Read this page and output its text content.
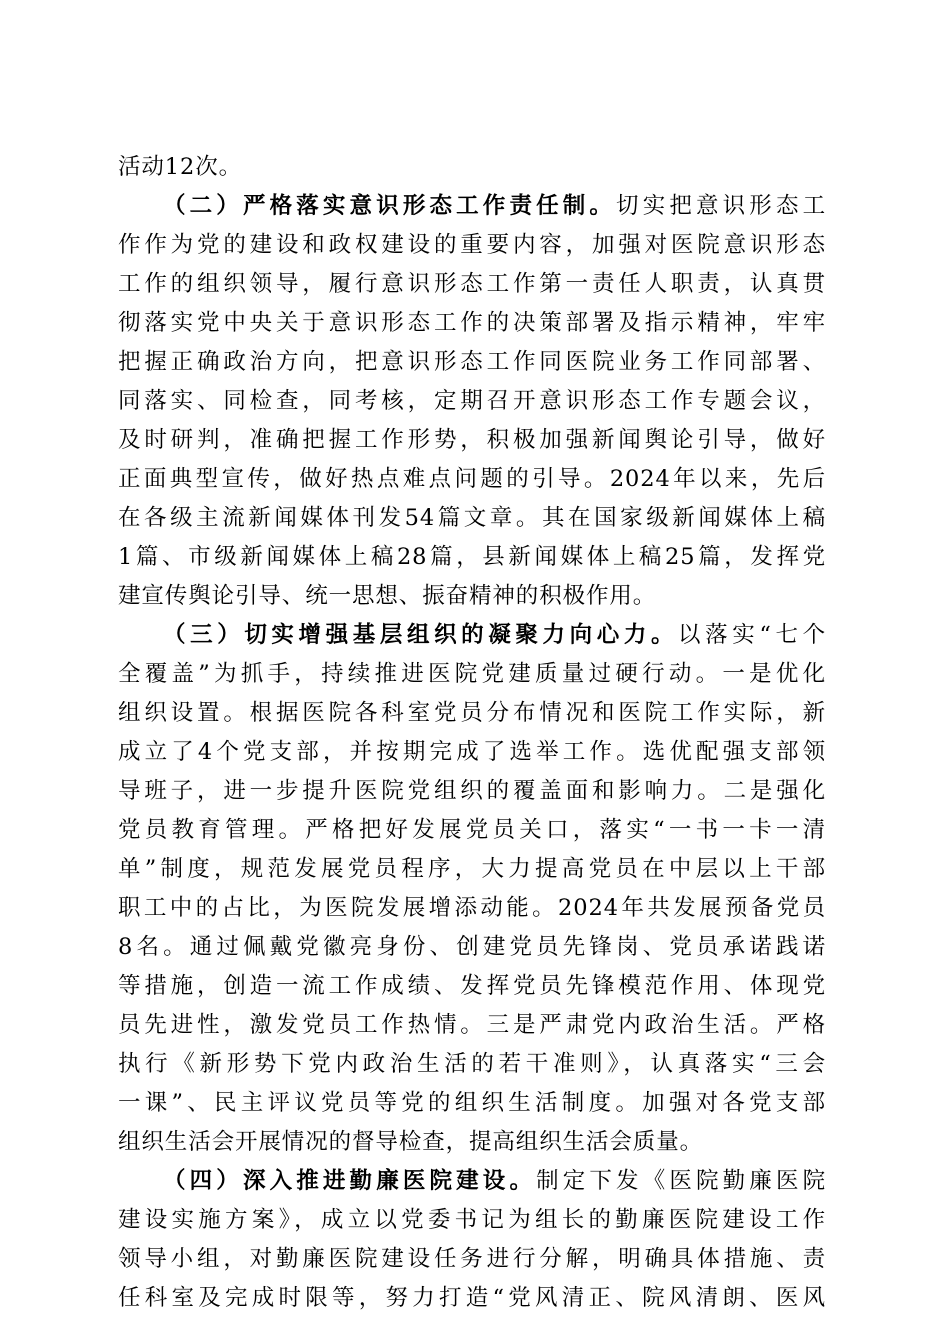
活动12次。

（二）严格落实意识形态工作责任制。切实把意识形态工
作作为党的建设和政权建设的重要内容，加强对医院意识形态
工作的组织领导，履行意识形态工作第一责任人职责，认真贯
彻落实党中央关于意识形态工作的决策部署及指示精神，牢牢
把握正确政治方向，把意识形态工作同医院业务工作同部署、
同落实、同检查，同考核，定期召开意识形态工作专题会议，
及时研判，准确把握工作形势，积极加强新闻舆论引导，做好
正面典型宣传，做好热点难点问题的引导。2024年以来，先后
在各级主流新闻媒体刊发54篇文章。其在国家级新闻媒体上稿
1篇、市级新闻媒体上稿28篇，县新闻媒体上稿25篇，发挥党
建宣传舆论引导、统一思想、振奋精神的积极作用。

（三）切实增强基层组织的凝聚力向心力。以落实“七个
全覆盖”为抓手，持续推进医院党建质量过硬行动。一是优化
组织设置。根据医院各科室党员分布情况和医院工作实际，新
成立了4个党支部，并按期完成了选举工作。选优配强支部领
导班子，进一步提升医院党组织的覆盖面和影响力。二是强化
党员教育管理。严格把好发展党员关口，落实“一书一卡一清
单”制度，规范发展党员程序，大力提高党员在中层以上干部
职工中的占比，为医院发展增添动能。2024年共发展预备党员
8名。通过佩戴党徽亮身份、创建党员先锋岗、党员承诺践诺
等措施，创造一流工作成绩、发挥党员先锋模范作用、体现党
员先进性，激发党员工作热情。三是严肃党内政治生活。严格
执行《新形势下党内政治生活的若干准则》，认真落实“三会
一课”、民主评议党员等党的组织生活制度。加强对各党支部
组织生活会开展情况的督导检查，提高组织生活会质量。

（四）深入推进勤廉医院建设。制定下发《医院勤廉医院
建设实施方案》，成立以党委书记为组长的勤廉医院建设工作
领导小组，对勤廉医院建设任务进行分解，明确具体措施、责
任科室及完成时限等，努力打造“党风清正、院风清朗、医风
